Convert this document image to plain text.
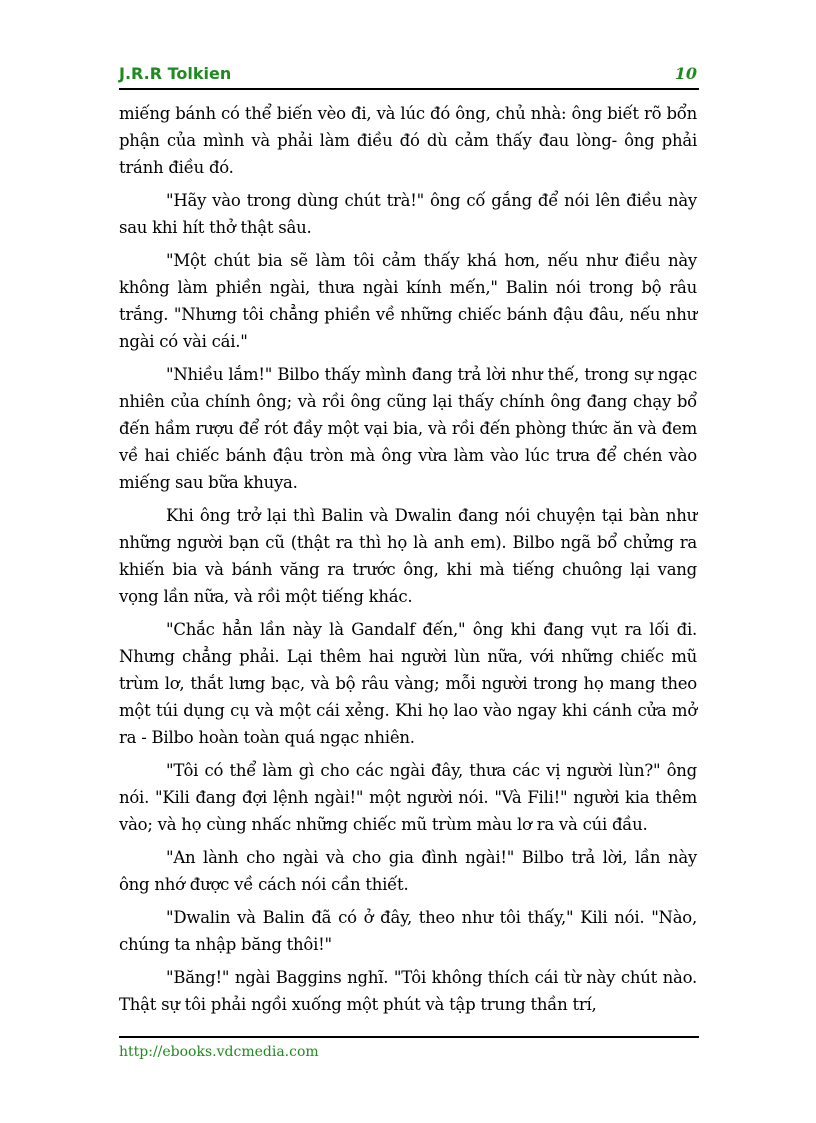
J.R.R Tolkien	10

miếng bánh có thể biến vèo đi, và lúc đó ông, chủ nhà: ông biết rõ bổn phận của mình và phải làm điều đó dù cảm thấy đau lòng- ông phải tránh điều đó.

"Hãy vào trong dùng chút trà!" ông cố gắng để nói lên điều này sau khi hít thở thật sâu.

"Một chút bia sẽ làm tôi cảm thấy khá hơn, nếu như điều này không làm phiền ngài, thưa ngài kính mến," Balin nói trong bộ râu trắng. "Nhưng tôi chẳng phiền về những chiếc bánh đậu đâu, nếu như ngài có vài cái."

"Nhiều lắm!" Bilbo thấy mình đang trả lời như thế, trong sự ngạc nhiên của chính ông; và rồi ông cũng lại thấy chính ông đang chạy bổ đến hầm rượu để rót đầy một vại bia, và rồi đến phòng thức ăn và đem về hai chiếc bánh đậu tròn mà ông vừa làm vào lúc trưa để chén vào miếng sau bữa khuya.

Khi ông trở lại thì Balin và Dwalin đang nói chuyện tại bàn như những người bạn cũ (thật ra thì họ là anh em). Bilbo ngã bổ chửng ra khiến bia và bánh văng ra trước ông, khi mà tiếng chuông lại vang vọng lần nữa, và rồi một tiếng khác.

"Chắc hẳn lần này là Gandalf đến," ông khi đang vụt ra lối đi. Nhưng chẳng phải. Lại thêm hai người lùn nữa, với những chiếc mũ trùm lơ, thắt lưng bạc, và bộ râu vàng; mỗi người trong họ mang theo một túi dụng cụ và một cái xẻng. Khi họ lao vào ngay khi cánh cửa mở ra - Bilbo hoàn toàn quá ngạc nhiên.

"Tôi có thể làm gì cho các ngài đây, thưa các vị người lùn?" ông nói. "Kili đang đợi lệnh ngài!" một người nói. "Và Fili!" người kia thêm vào; và họ cùng nhấc những chiếc mũ trùm màu lơ ra và cúi đầu.

"An lành cho ngài và cho gia đình ngài!" Bilbo trả lời, lần này ông nhớ được về cách nói cần thiết.

"Dwalin và Balin đã có ở đây, theo như tôi thấy," Kili nói. "Nào, chúng ta nhập băng thôi!"

"Băng!" ngài Baggins nghĩ. "Tôi không thích cái từ này chút nào. Thật sự tôi phải ngồi xuống một phút và tập trung thần trí,

http://ebooks.vdcmedia.com
